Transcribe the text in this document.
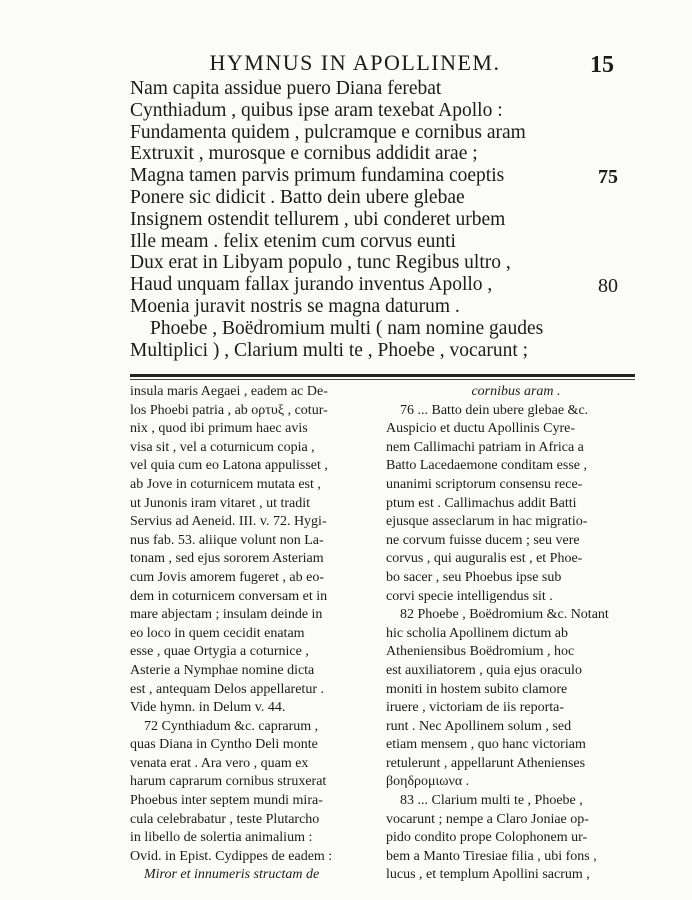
HYMNUS IN APOLLINEM.	15
Nam capita assidue puero Diana ferebat
Cynthiadum , quibus ipse aram texebat Apollo :
Fundamenta quidem , pulcramque e cornibus aram
Extruxit , murosque e cornibus addidit arae ;
Magna tamen parvis primum fundamina coeptis
Ponere sic didicit . Batto dein ubere glebae
Insignem ostendit tellurem , ubi conderet urbem
Ille meam . felix etenim cum corvus eunti
Dux erat in Libyam populo , tunc Regibus ultro ,
Haud unquam fallax jurando inventus Apollo ,
Moenia juravit nostris se magna daturum .
Phoebe , Boëdromium multi ( nam nomine gaudes
Multiplici ) , Clarium multi te , Phoebe , vocarunt ;
75
80
insula maris Aegaei , eadem ac De-
los Phoebi patria , ab ορτυξ , cotur-
nix , quod ibi primum haec avis
visa sit , vel a coturnicum copia ,
vel quia cum eo Latona appulisset ,
ab Jove in coturnicem mutata est ,
ut Junonis iram vitaret , ut tradit
Servius ad Aeneid. III. v. 72. Hygi-
nus fab. 53. aliique volunt non La-
tonam , sed ejus sororem Asteriam
cum Jovis amorem fugeret , ab eo-
dem in coturnicem conversam et in
mare abjectam ; insulam deinde in
eo loco in quem cecidit enatam
esse , quae Ortygia a coturnice ,
Asterie a Nymphae nomine dicta
est , antequam Delos appellaretur .
Vide hymn. in Delum v. 44.
72 Cynthiadum &c. caprarum ,
quas Diana in Cyntho Deli monte
venata erat . Ara vero , quam ex
harum caprarum cornibus struxerat
Phoebus inter septem mundi mira-
cula celebrabatur , teste Plutarcho
in libello de solertia animalium :
Ovid. in Epist. Cydippes de eadem :
Miror et innumeris structam de
cornibus aram .
76 ... Batto dein ubere glebae &c.
Auspicio et ductu Apollinis Cyre-
nem Callimachi patriam in Africa a
Batto Lacedaemone conditam esse ,
unanimi scriptorum consensu rece-
ptum est . Callimachus addit Batti
ejusque asseclarum in hac migratio-
ne corvum fuisse ducem ; seu vere
corvus , qui auguralis est , et Phoe-
bo sacer , seu Phoebus ipse sub
corvi specie intelligendus sit .
82 Phoebe , Boëdromium &c. Notant
hic scholia Apollinem dictum ab
Atheniensibus Boëdromium , hoc
est auxiliatorem , quia ejus oraculo
moniti in hostem subito clamore
iruere , victoriam de iis reporta-
runt . Nec Apollinem solum , sed
etiam mensem , quo hanc victoriam
retulerunt , appellarunt Athenienses
βοηδρομιωνα .
83 ... Clarium multi te , Phoebe ,
vocarunt ; nempe a Claro Joniae op-
pido condito prope Colophonem ur-
bem a Manto Tiresiae filia , ubi fons ,
lucus , et templum Apollini sacrum ,
